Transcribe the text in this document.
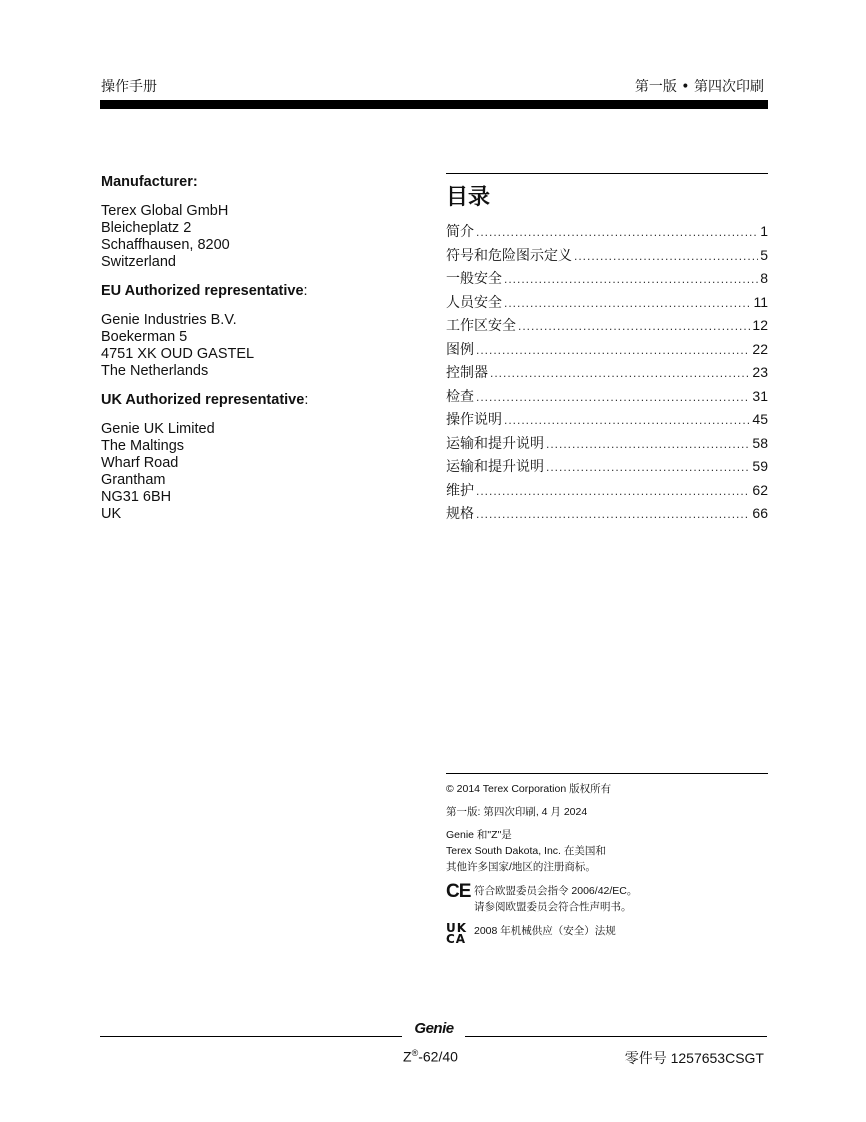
操作手册	第一版 • 第四次印刷
Manufacturer:
Terex Global GmbH
Bleicheplatz 2
Schaffhausen, 8200
Switzerland
EU Authorized representative:
Genie Industries B.V.
Boekerman 5
4751 XK OUD GASTEL
The Netherlands
UK Authorized representative:
Genie UK Limited
The Maltings
Wharf Road
Grantham
NG31 6BH
UK
目录
简介 .....	1
符号和危险图示定义 .....	5
一般安全 .....	8
人员安全 .....	11
工作区安全 .....	12
图例 .....	22
控制器 .....	23
检查 .....	31
操作说明 .....	45
运输和提升说明 .....	58
运输和提升说明 .....	59
维护 .....	62
规格 .....	66

© 2014 Terex Corporation 版权所有

第一版: 第四次印刷, 4 月 2024

Genie 和"Z"是

Terex South Dakota, Inc. 在美国和

其他许多国家/地区的注册商标。

CE 符合欧盟委员会指令 2006/42/EC。

请参阅欧盟委员会符合性声明书。

UK
CA

2008 年机械供应（安全）法规

Genie
Z®-62/40	零件号 1257653CSGT
